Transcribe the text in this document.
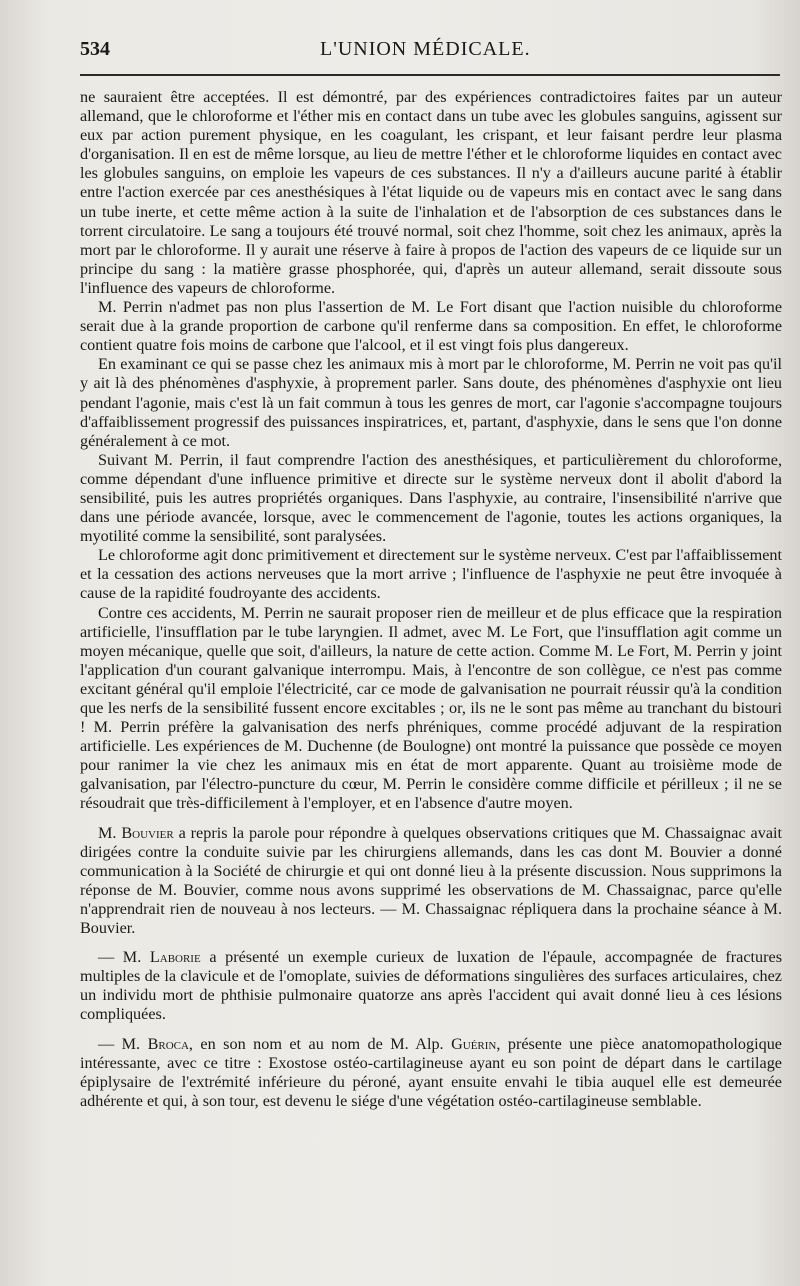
534	L'UNION MÉDICALE.

ne sauraient être acceptées. Il est démontré, par des expériences contradictoires faites par un auteur allemand, que le chloroforme et l'éther mis en contact dans un tube avec les globules sanguins, agissent sur eux par action purement physique, en les coagulant, les crispant, et leur faisant perdre leur plasma d'organisation. Il en est de même lorsque, au lieu de mettre l'éther et le chloroforme liquides en contact avec les globules sanguins, on emploie les vapeurs de ces substances. Il n'y a d'ailleurs aucune parité à établir entre l'action exercée par ces anesthésiques à l'état liquide ou de vapeurs mis en contact avec le sang dans un tube inerte, et cette même action à la suite de l'inhalation et de l'absorption de ces substances dans le torrent circulatoire. Le sang a toujours été trouvé normal, soit chez l'homme, soit chez les animaux, après la mort par le chloroforme. Il y aurait une réserve à faire à propos de l'action des vapeurs de ce liquide sur un principe du sang : la matière grasse phosphorée, qui, d'après un auteur allemand, serait dissoute sous l'influence des vapeurs de chloroforme.

M. Perrin n'admet pas non plus l'assertion de M. Le Fort disant que l'action nuisible du chloroforme serait due à la grande proportion de carbone qu'il renferme dans sa composition. En effet, le chloroforme contient quatre fois moins de carbone que l'alcool, et il est vingt fois plus dangereux.

En examinant ce qui se passe chez les animaux mis à mort par le chloroforme, M. Perrin ne voit pas qu'il y ait là des phénomènes d'asphyxie, à proprement parler. Sans doute, des phénomènes d'asphyxie ont lieu pendant l'agonie, mais c'est là un fait commun à tous les genres de mort, car l'agonie s'accompagne toujours d'affaiblissement progressif des puissances inspiratrices, et, partant, d'asphyxie, dans le sens que l'on donne généralement à ce mot.

Suivant M. Perrin, il faut comprendre l'action des anesthésiques, et particulièrement du chloroforme, comme dépendant d'une influence primitive et directe sur le système nerveux dont il abolit d'abord la sensibilité, puis les autres propriétés organiques. Dans l'asphyxie, au contraire, l'insensibilité n'arrive que dans une période avancée, lorsque, avec le commencement de l'agonie, toutes les actions organiques, la myotilité comme la sensibilité, sont paralysées.

Le chloroforme agit donc primitivement et directement sur le système nerveux. C'est par l'affaiblissement et la cessation des actions nerveuses que la mort arrive ; l'influence de l'asphyxie ne peut être invoquée à cause de la rapidité foudroyante des accidents.

Contre ces accidents, M. Perrin ne saurait proposer rien de meilleur et de plus efficace que la respiration artificielle, l'insufflation par le tube laryngien. Il admet, avec M. Le Fort, que l'insufflation agit comme un moyen mécanique, quelle que soit, d'ailleurs, la nature de cette action. Comme M. Le Fort, M. Perrin y joint l'application d'un courant galvanique interrompu. Mais, à l'encontre de son collègue, ce n'est pas comme excitant général qu'il emploie l'électricité, car ce mode de galvanisation ne pourrait réussir qu'à la condition que les nerfs de la sensibilité fussent encore excitables ; or, ils ne le sont pas même au tranchant du bistouri ! M. Perrin préfère la galvanisation des nerfs phréniques, comme procédé adjuvant de la respiration artificielle. Les expériences de M. Duchenne (de Boulogne) ont montré la puissance que possède ce moyen pour ranimer la vie chez les animaux mis en état de mort apparente. Quant au troisième mode de galvanisation, par l'électro-puncture du cœur, M. Perrin le considère comme difficile et périlleux ; il ne se résoudrait que très-difficilement à l'employer, et en l'absence d'autre moyen.

M. Bouvier a repris la parole pour répondre à quelques observations critiques que M. Chassaignac avait dirigées contre la conduite suivie par les chirurgiens allemands, dans les cas dont M. Bouvier a donné communication à la Société de chirurgie et qui ont donné lieu à la présente discussion. Nous supprimons la réponse de M. Bouvier, comme nous avons supprimé les observations de M. Chassaignac, parce qu'elle n'apprendrait rien de nouveau à nos lecteurs. — M. Chassaignac répliquera dans la prochaine séance à M. Bouvier.

— M. Laborie a présenté un exemple curieux de luxation de l'épaule, accompagnée de fractures multiples de la clavicule et de l'omoplate, suivies de déformations singulières des surfaces articulaires, chez un individu mort de phthisie pulmonaire quatorze ans après l'accident qui avait donné lieu à ces lésions compliquées.

— M. Broca, en son nom et au nom de M. Alp. Guérin, présente une pièce anatomopathologique intéressante, avec ce titre : Exostose ostéo-cartilagineuse ayant eu son point de départ dans le cartilage épiplysaire de l'extrémité inférieure du péroné, ayant ensuite envahi le tibia auquel elle est demeurée adhérente et qui, à son tour, est devenu le siége d'une végétation ostéo-cartilagineuse semblable.
